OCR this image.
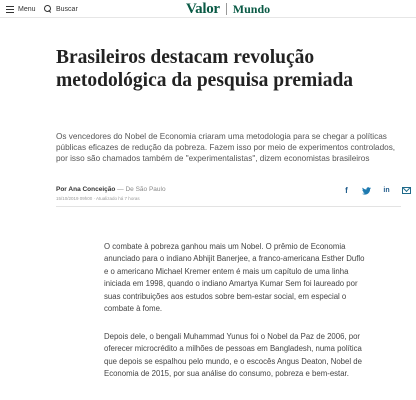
Menu	Buscar	Valor Mundo
Brasileiros destacam revolução metodológica da pesquisa premiada

Os vencedores do Nobel de Economia criaram uma metodologia para se chegar a políticas públicas eficazes de redução da pobreza. Fazem isso por meio de experimentos controlados, por isso são chamados também de "experimentalistas", dizem economistas brasileiros

Por Ana Conceição — De São Paulo
15/10/2019 09h00 · Atualizado há 7 horas
f	in

O combate à pobreza ganhou mais um Nobel. O prêmio de Economia anunciado para o indiano Abhijit Banerjee, a franco-americana Esther Duflo e o americano Michael Kremer entem é mais um capítulo de uma linha iniciada em 1998, quando o indiano Amartya Kumar Sem foi laureado por suas contribuições aos estudos sobre bem-estar social, em especial o combate à fome.

Depois dele, o bengali Muhammad Yunus foi o Nobel da Paz de 2006, por oferecer microcrédito a milhões de pessoas em Bangladesh, numa política que depois se espalhou pelo mundo, e o escocês Angus Deaton, Nobel de Economia de 2015, por sua análise do consumo, pobreza e bem-estar.
